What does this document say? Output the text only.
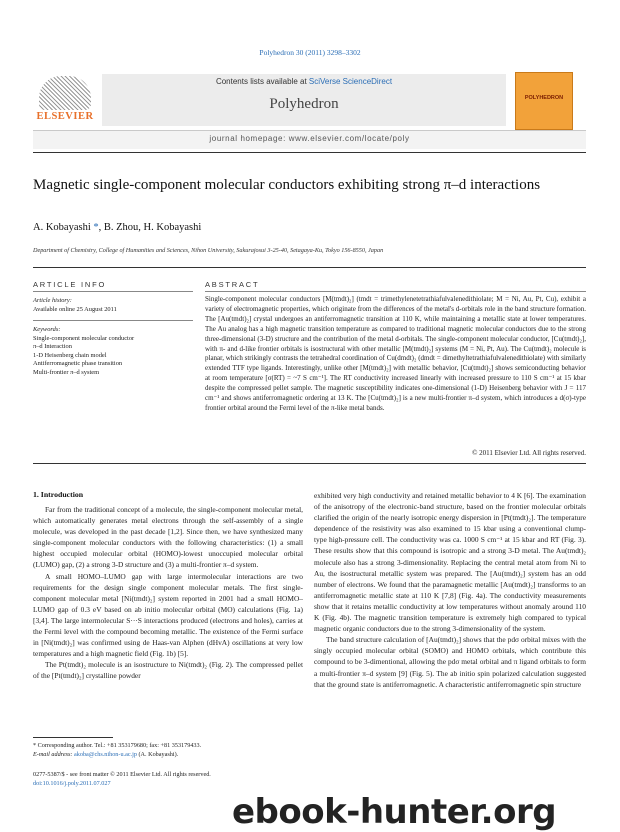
Polyhedron 30 (2011) 3298–3302
ELSEVIER
Contents lists available at SciVerse ScienceDirect
Polyhedron	POLYHEDRON
journal homepage: www.elsevier.com/locate/poly
Magnetic single-component molecular conductors exhibiting strong π–d interactions
A. Kobayashi *, B. Zhou, H. Kobayashi
Department of Chemistry, College of Humanities and Sciences, Nihon University, Sakurajosui 3-25-40, Setagaya-Ku, Tokyo 156-8550, Japan
ARTICLE INFO
Article history:
Available online 25 August 2011
Keywords:
Single-component molecular conductor
π–d Interaction
1-D Heisenberg chain model
Antiferromagnetic phase transition
Multi-frontier π–d system
ABSTRACT
Single-component molecular conductors [M(tmdt)₂] (tmdt = trimethylenetetrathiafulvalenedithiolate; M = Ni, Au, Pt, Cu), exhibit a variety of electromagnetic properties, which originate from the differences of the metal's d-orbitals role in the band structure formation. The [Au(tmdt)₂] crystal undergoes an antiferromagnetic transition at 110 K, while maintaining a metallic state at lower temperatures. The Au analog has a high magnetic transition temperature as compared to traditional magnetic molecular conductors due to the strong three-dimensional (3-D) structure and the contribution of the metal d-orbitals. The single-component molecular conductor, [Cu(tmdt)₂], with π- and d-like frontier orbitals is isostructural with other metallic [M(tmdt)₂] systems (M = Ni, Pt, Au). The Cu(tmdt)₂ molecule is planar, which strikingly contrasts the tetrahedral coordination of Cu(dmdt)₂ (dmdt = dimethyltetrathiafulvalenedithiolate) with similarly extended TTF type ligands. Interestingly, unlike other [M(tmdt)₂] with metallic behavior, [Cu(tmdt)₂] shows semiconducting behavior at room temperature [σ(RT) = ~7 S cm⁻¹]. The RT conductivity increased linearly with increased pressure to 110 S cm⁻¹ at 15 kbar despite the compressed pellet sample. The magnetic susceptibility indicates one-dimensional (1-D) Heisenberg behavior with J = 117 cm⁻¹ and shows antiferromagnetic ordering at 13 K. The [Cu(tmdt)₂] is a new multi-frontier π–d system, which introduces a d(σ)-type frontier orbital around the Fermi level of the π-like metal bands.
© 2011 Elsevier Ltd. All rights reserved.
1. Introduction

Far from the traditional concept of a molecule, the single-component molecular metal, which automatically generates metal electrons through the self-assembly of a single molecule, was developed in the past decade [1,2]. Since then, we have synthesized many single-component molecular conductors with the following characteristics: (1) a small highest occupied molecular orbital (HOMO)-lowest unoccupied molecular orbital (LUMO) gap, (2) a strong 3-D structure and (3) a multi-frontier π–d system.

A small HOMO–LUMO gap with large intermolecular interactions are two requirements for the design single component molecular metals. The first single-component molecular metal [Ni(tmdt)₂] system reported in 2001 had a small HOMO–LUMO gap of 0.3 eV based on ab initio molecular orbital (MO) calculations (Fig. 1a) [3,4]. The large intermolecular S···S interactions produced (electrons and holes), carries at the Fermi level with the compound becoming metallic. The existence of the Fermi surface in [Ni(tmdt)₂] was confirmed using de Haas-van Alphen (dHvA) oscillations at very low temperatures and a high magnetic field (Fig. 1b) [5].

The Pt(tmdt)₂ molecule is an isostructure to Ni(tmdt)₂ (Fig. 2). The compressed pellet of the [Pt(tmdt)₂] crystalline powder

exhibited very high conductivity and retained metallic behavior to 4 K [6]. The examination of the anisotropy of the electronic-band structure, based on the frontier molecular orbitals clarified the origin of the nearly isotropic energy dispersion in [Pt(tmdt)₂]. The temperature dependence of the resistivity was also examined to 15 kbar using a conventional clump-type high-pressure cell. The conductivity was ca. 1000 S cm⁻¹ at 15 kbar and RT (Fig. 3). These results show that this compound is isotropic and a strong 3-D metal. The Au(tmdt)₂ molecule also has a strong 3-dimensionality. Replacing the central metal atom from Ni to Au, the isostructural metallic system was prepared. The [Au(tmdt)₂] system has an odd number of electrons. We found that the paramagnetic metallic [Au(tmdt)₂] transforms to an antiferromagnetic metallic state at 110 K [7,8] (Fig. 4a). The conductivity measurements show that it retains metallic conductivity at low temperatures without anomaly around 110 K (Fig. 4b). The magnetic transition temperature is extremely high compared to typical magnetic organic conductors due to the strong 3-dimensionality of the system.

The band structure calculation of [Au(tmdt)₂] shows that the pdσ orbital mixes with the singly occupied molecular orbital (SOMO) and HOMO orbitals, which contribute this compound to be 3-dimentional, allowing the pdσ metal orbital and π ligand orbitals to form a multi-frontier π–d system [9] (Fig. 5). The ab initio spin polarized calculation suggested that the ground state is antiferromagnetic. A characteristic antiferromagnetic spin structure

* Corresponding author. Tel.: +81 353179680; fax: +81 353179433.
E-mail address: akoba@chs.nihon-u.ac.jp (A. Kobayashi).
0277-5387/$ - see front matter © 2011 Elsevier Ltd. All rights reserved.
doi:10.1016/j.poly.2011.07.027
ebook-hunter.org
